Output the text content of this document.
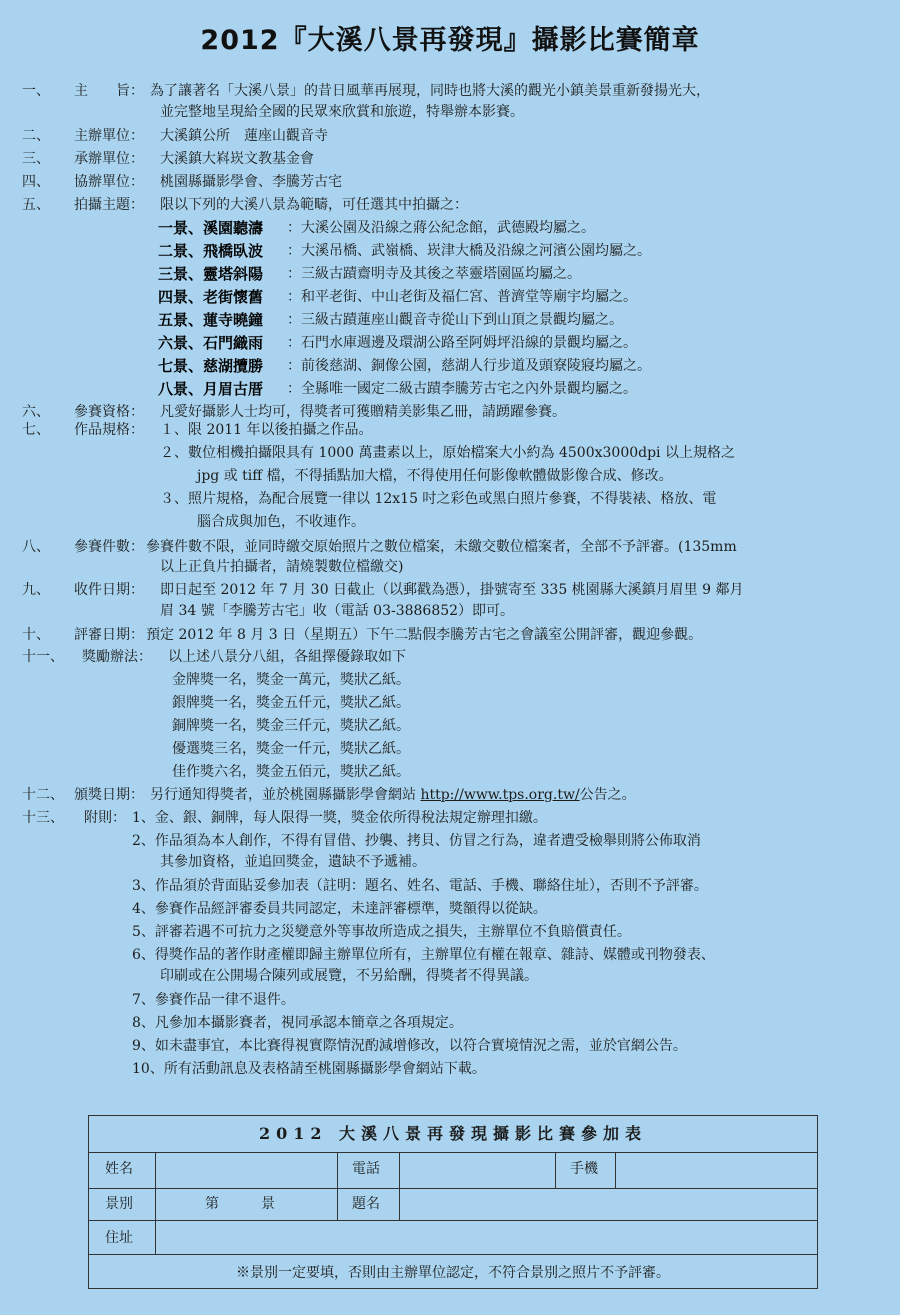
2012『大溪八景再發現』攝影比賽簡章
一、	主　　旨： 為了讓著名「大溪八景」的昔日風華再展現，同時也將大溪的觀光小鎮美景重新發揚光大，
並完整地呈現給全國的民眾來欣賞和旅遊，特舉辦本影賽。
二、	主辦單位：	大溪鎮公所　蓮座山觀音寺
三、	承辦單位：	大溪鎮大嵙崁文教基金會
四、	協辦單位：	桃園縣攝影學會、李騰芳古宅
五、	拍攝主題：	限以下列的大溪八景為範疇，可任選其中拍攝之：
一景、溪園聽濤	：大溪公園及沿線之蔣公紀念館，武德殿均屬之。
二景、飛橋臥波	：大溪吊橋、武嶺橋、崁津大橋及沿線之河濱公園均屬之。
三景、靈塔斜陽	：三級古蹟齋明寺及其後之萃靈塔園區均屬之。
四景、老街懷舊	：和平老街、中山老街及福仁宮、普濟堂等廟宇均屬之。
五景、蓮寺曉鐘	：三級古蹟蓮座山觀音寺從山下到山頂之景觀均屬之。
六景、石門織雨	：石門水庫週邊及環湖公路至阿姆坪沿線的景觀均屬之。
七景、慈湖攬勝	：前後慈湖、銅像公園，慈湖人行步道及頭寮陵寢均屬之。
八景、月眉古厝	：全縣唯一國定二級古蹟李騰芳古宅之內外景觀均屬之。
六、	參賽資格：	凡愛好攝影人士均可，得獎者可獲贈精美影集乙冊，請踴躍參賽。
七、	作品規格：	１、限 2011 年以後拍攝之作品。
２、數位相機拍攝限具有 1000 萬畫素以上，原始檔案大小約為 4500x3000dpi 以上規格之
jpg 或 tiff 檔，不得插點加大檔，不得使用任何影像軟體做影像合成、修改。
３、照片規格，為配合展覽一律以 12x15 吋之彩色或黑白照片參賽，不得裝裱、格放、電
腦合成與加色，不收連作。
八、	參賽件數： 參賽件數不限，並同時繳交原始照片之數位檔案，未繳交數位檔案者，全部不予評審。(135mm
以上正負片拍攝者，請燒製數位檔繳交)
九、	收件日期：	即日起至 2012 年 7 月 30 日截止（以郵戳為憑），掛號寄至 335 桃園縣大溪鎮月眉里 9 鄰月
眉 34 號「李騰芳古宅」收（電話 03-3886852）即可。
十、	評審日期： 預定 2012 年 8 月 3 日（星期五）下午二點假李騰芳古宅之會議室公開評審，觀迎參觀。
十一、	獎勵辦法：	以上述八景分八組，各組擇優錄取如下
金牌獎一名，獎金一萬元，獎狀乙紙。
銀牌獎一名，獎金五仟元，獎狀乙紙。
銅牌獎一名，獎金三仟元，獎狀乙紙。
優選獎三名，獎金一仟元，獎狀乙紙。
佳作獎六名，獎金五佰元，獎狀乙紙。
十二、 頒獎日期： 另行通知得獎者，並於桃園縣攝影學會網站 http://www.tps.org.tw/公告之。
十三、	附則： 1、金、銀、銅牌，每人限得一獎，獎金依所得稅法規定辦理扣繳。
2、作品須為本人創作，不得有冒借、抄襲、拷貝、仿冒之行為，違者遭受檢舉則將公佈取消
其參加資格，並追回獎金，遺缺不予遞補。
3、作品須於背面貼妥參加表（註明：題名、姓名、電話、手機、聯絡住址），否則不予評審。
4、參賽作品經評審委員共同認定，未達評審標準，獎額得以從缺。
5、評審若遇不可抗力之災變意外等事故所造成之損失，主辦單位不負賠償責任。
6、得獎作品的著作財產權即歸主辦單位所有，主辦單位有權在報章、雜詩、媒體或刊物發表、
印刷或在公開場合陳列或展覽，不另給酬，得獎者不得異議。
7、參賽作品一律不退件。
8、凡參加本攝影賽者，視同承認本簡章之各項規定。
9、如未盡事宜，本比賽得視實際情況酌減增修改，以符合實境情況之需，並於官網公告。
10、所有活動訊息及表格請至桃園縣攝影學會網站下載。
2012 大溪八景再發現攝影比賽參加表
姓名	電話	手機
景別	第　　　景	題名
住址
※景別一定要填，否則由主辦單位認定，不符合景別之照片不予評審。
